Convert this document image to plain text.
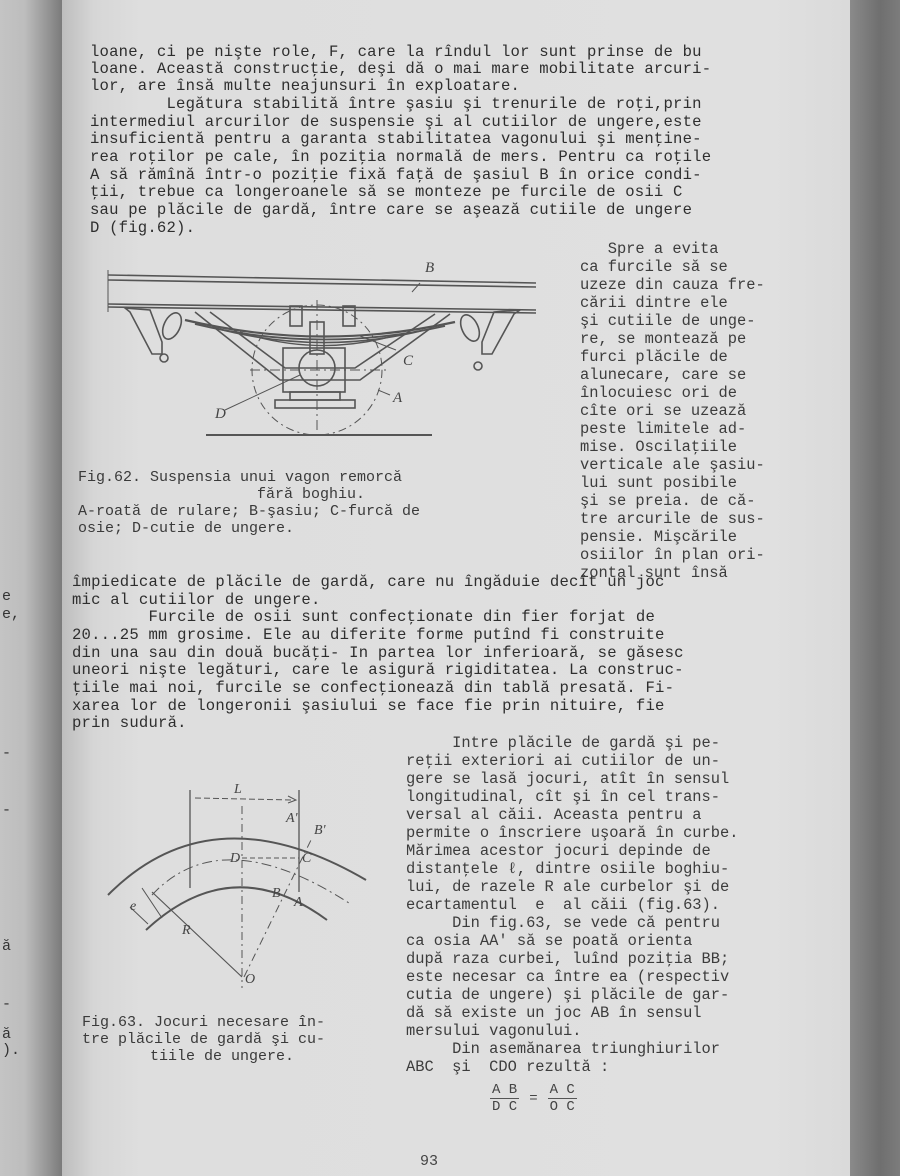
e
e,
-
-
ă
-
ă
).
loane, ci pe nişte role, F, care la rîndul lor sunt prinse de bu
loane. Această construcţie, deşi dă o mai mare mobilitate arcuri-
lor, are însă multe neajunsuri în exploatare.
Legătura stabilită între şasiu şi trenurile de roţi,prin
intermediul arcurilor de suspensie şi al cutiilor de ungere,este
insuficientă pentru a garanta stabilitatea vagonului şi menţine-
rea roţilor pe cale, în poziţia normală de mers. Pentru ca roţile
A să rămînă într-o poziţie fixă faţă de şasiul B în orice condi-
ţii, trebue ca longeroanele să se monteze pe furcile de osii C
sau pe plăcile de gardă, între care se aşează cutiile de ungere
D (fig.62).
B
C
A
D
Fig.62. Suspensia unui vagon remorcă
fără boghiu.
A-roată de rulare; B-şasiu; C-furcă de
osie; D-cutie de ungere.
Spre a evita
ca furcile să se
uzeze din cauza fre-
cării dintre ele
şi cutiile de unge-
re, se montează pe
furci plăcile de
alunecare, care se
înlocuiesc ori de
cîte ori se uzează
peste limitele ad-
mise. Oscilaţiile
verticale ale şasiu-
lui sunt posibile
şi se preia. de că-
tre arcurile de sus-
pensie. Mişcările
osiilor în plan ori-
zontal sunt însă
împiedicate de plăcile de gardă, care nu îngăduie decît un joc
mic al cutiilor de ungere.
Furcile de osii sunt confecţionate din fier forjat de
20...25 mm grosime. Ele au diferite forme putînd fi construite
din una sau din două bucăţi- In partea lor inferioară, se găsesc
uneori nişte legături, care le asigură rigiditatea. La construc-
ţiile mai noi, furcile se confecţionează din tablă presată. Fi-
xarea lor de longeronii şasiului se face fie prin nituire, fie
prin sudură.
Intre plăcile de gardă şi pe-
reţii exteriori ai cutiilor de un-
gere se lasă jocuri, atît în sensul
longitudinal, cît şi în cel trans-
versal al căii. Aceasta pentru a
permite o înscriere uşoară în curbe.
Mărimea acestor jocuri depinde de
distanţele ℓ, dintre osiile boghiu-
lui, de razele R ale curbelor şi de
ecartamentul  e  al căii (fig.63).
Din fig.63, se vede că pentru
ca osia AA' să se poată orienta
după raza curbei, luînd poziţia BB;
este necesar ca între ea (respectiv
cutia de ungere) şi plăcile de gar-
dă să existe un joc AB în sensul
mersului vagonului.
Din asemănarea triunghiurilor
ABC  şi  CDO rezultă :
L
A'
B'
D	C
B
A
e
R
O
Fig.63. Jocuri necesare în-
tre plăcile de gardă şi cu-
tiile de ungere.
$\frac{\text{A B}}{\text{D C}} = \frac{\text{A C}}{\text{O C}}$
93
